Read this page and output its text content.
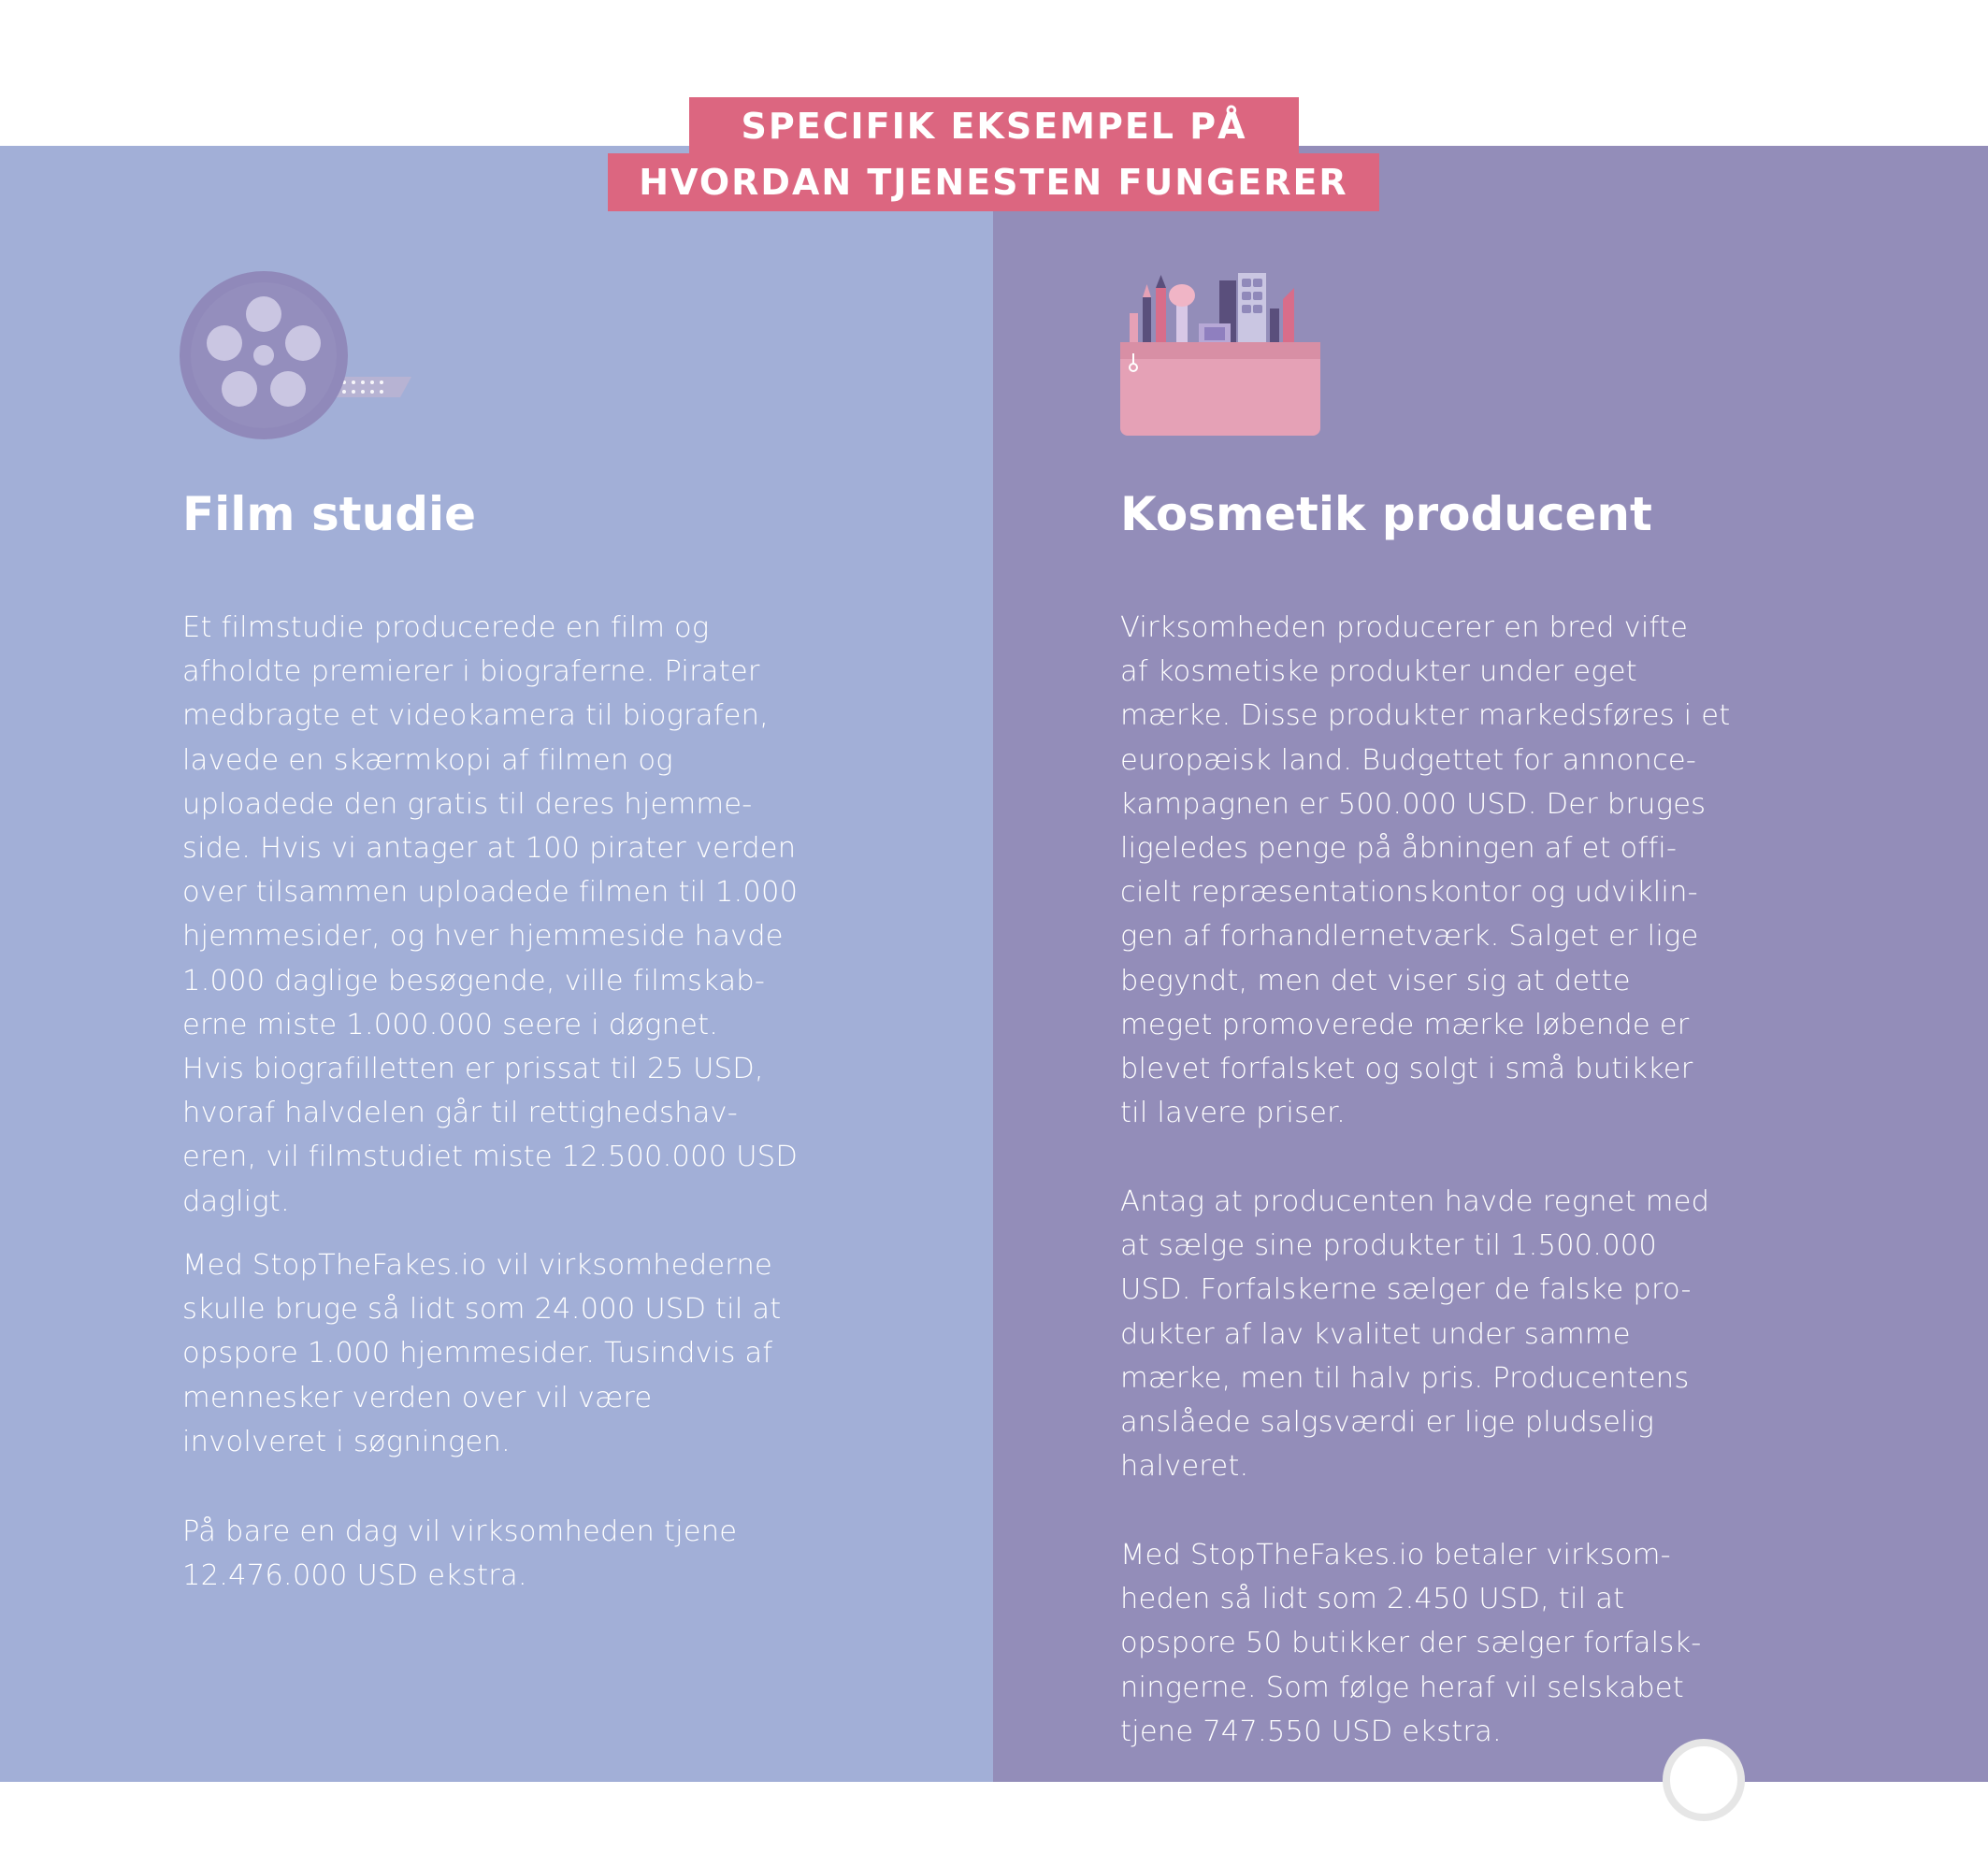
SPECIFIK EKSEMPEL PÅ
HVORDAN TJENESTEN FUNGERER
Film studie	Kosmetik producent

Et filmstudie producerede en film og
afholdte premierer i biograferne. Pirater
medbragte et videokamera til biografen,
lavede en skærmkopi af filmen og
uploadede den gratis til deres hjemme-
side. Hvis vi antager at 100 pirater verden
over tilsammen uploadede filmen til 1.000
hjemmesider, og hver hjemmeside havde
1.000 daglige besøgende, ville filmskab-
erne miste 1.000.000 seere i døgnet.
Hvis biografilletten er prissat til 25 USD,
hvoraf halvdelen går til rettighedshav-
eren, vil filmstudiet miste 12.500.000 USD
dagligt.

Med StopTheFakes.io vil virksomhederne
skulle bruge så lidt som 24.000 USD til at
opspore 1.000 hjemmesider. Tusindvis af
mennesker verden over vil være
involveret i søgningen.

På bare en dag vil virksomheden tjene
12.476.000 USD ekstra.

Virksomheden producerer en bred vifte
af kosmetiske produkter under eget
mærke. Disse produkter markedsføres i et
europæisk land. Budgettet for annonce-
kampagnen er 500.000 USD. Der bruges
ligeledes penge på åbningen af et offi-
cielt repræsentationskontor og udviklin-
gen af forhandlernetværk. Salget er lige
begyndt, men det viser sig at dette
meget promoverede mærke løbende er
blevet forfalsket og solgt i små butikker
til lavere priser.

Antag at producenten havde regnet med
at sælge sine produkter til 1.500.000
USD. Forfalskerne sælger de falske pro-
dukter af lav kvalitet under samme
mærke, men til halv pris. Producentens
anslåede salgsværdi er lige pludselig
halveret.

Med StopTheFakes.io betaler virksom-
heden så lidt som 2.450 USD, til at
opspore 50 butikker der sælger forfalsk-
ningerne. Som følge heraf vil selskabet
tjene 747.550 USD ekstra.
